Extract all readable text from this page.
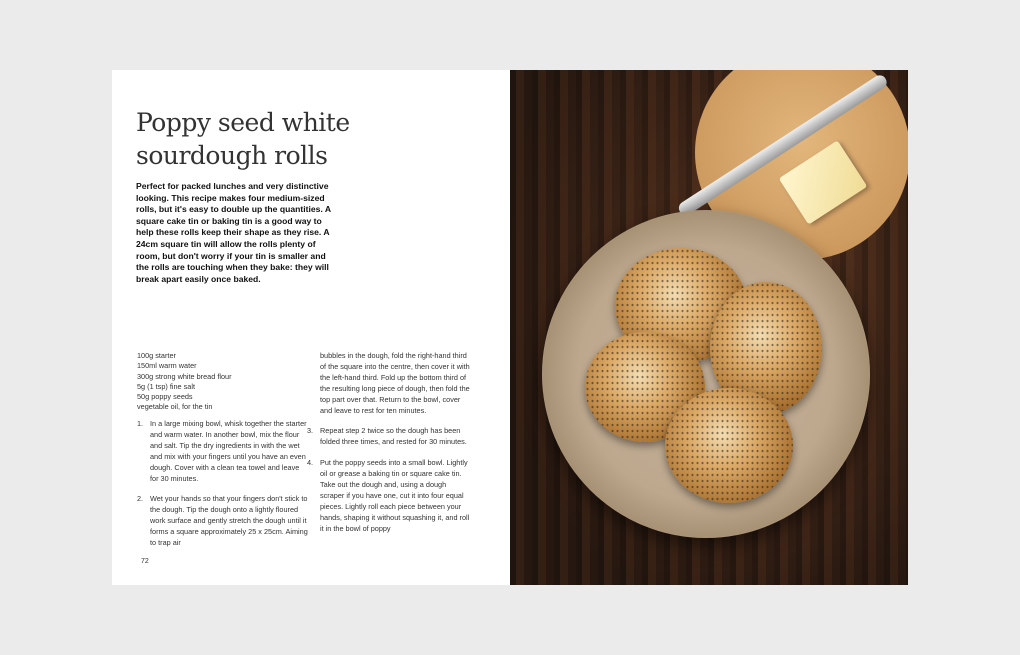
Poppy seed white
sourdough rolls

Perfect for packed lunches and very distinctive looking. This recipe makes four medium-sized rolls, but it's easy to double up the quantities. A square cake tin or baking tin is a good way to help these rolls keep their shape as they rise. A 24cm square tin will allow the rolls plenty of room, but don't worry if your tin is smaller and the rolls are touching when they bake: they will break apart easily once baked.

100g starter
150ml warm water
300g strong white bread flour
5g (1 tsp) fine salt
50g poppy seeds
vegetable oil, for the tin
1. In a large mixing bowl, whisk together the starter and warm water. In another bowl, mix the flour and salt. Tip the dry ingredients in with the wet and mix with your fingers until you have an even dough. Cover with a clean tea towel and leave for 30 minutes.
2. Wet your hands so that your fingers don't stick to the dough. Tip the dough onto a lightly floured work surface and gently stretch the dough until it forms a square approximately 25 x 25cm. Aiming to trap air
bubbles in the dough, fold the right-hand third of the square into the centre, then cover it with the left-hand third. Fold up the bottom third of the resulting long piece of dough, then fold the top part over that. Return to the bowl, cover and leave to rest for ten minutes.
3. Repeat step 2 twice so the dough has been folded three times, and rested for 30 minutes.
4. Put the poppy seeds into a small bowl. Lightly oil or grease a baking tin or square cake tin. Take out the dough and, using a dough scraper if you have one, cut it into four equal pieces. Lightly roll each piece between your hands, shaping it without squashing it, and roll it in the bowl of poppy
72
